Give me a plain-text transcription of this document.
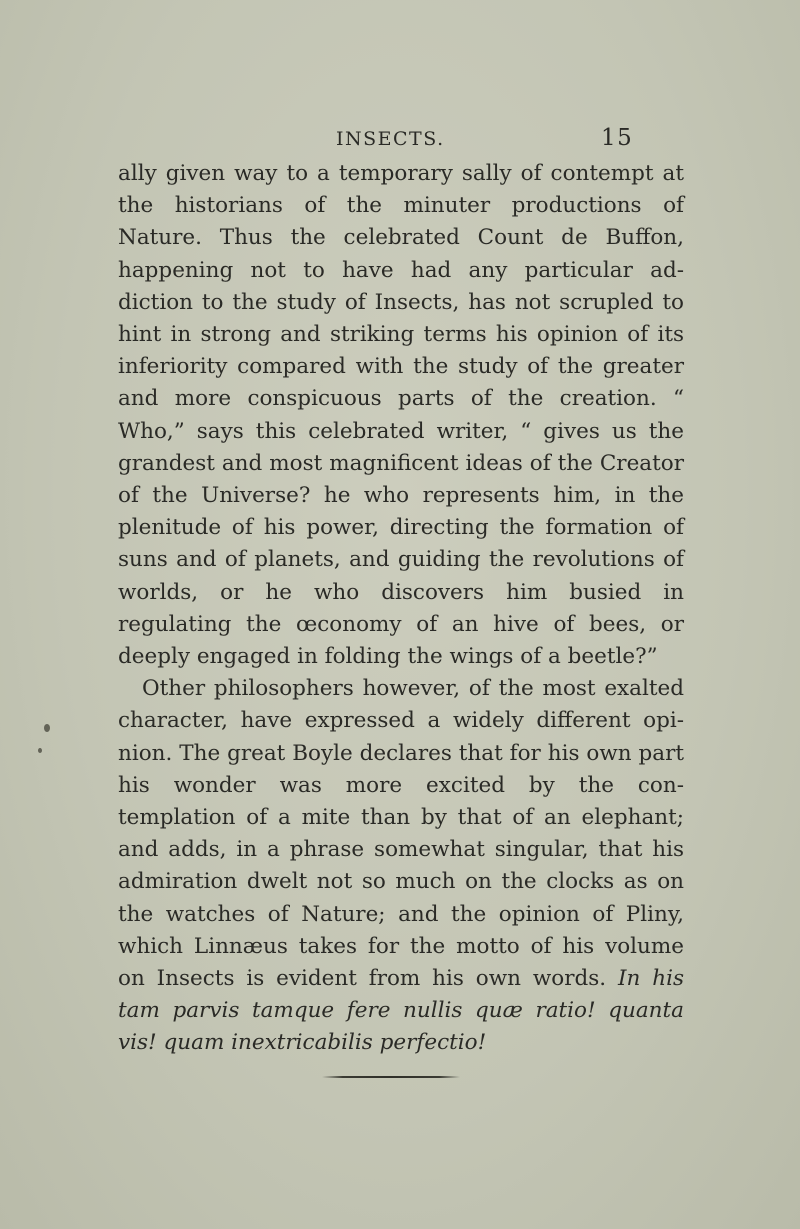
INSECTS.	15

ally given way to a temporary sally of contempt at the historians of the minuter productions of Nature. Thus the celebrated Count de Buffon, happening not to have had any particular ad- diction to the study of Insects, has not scrupled to hint in strong and striking terms his opinion of its inferiority compared with the study of the greater and more conspicuous parts of the creation. “ Who,” says this celebrated writer, “ gives us the grandest and most magnificent ideas of the Creator of the Universe? he who represents him, in the plenitude of his power, directing the formation of suns and of planets, and guiding the revolutions of worlds, or he who discovers him busied in regulating the œconomy of an hive of bees, or deeply engaged in folding the wings of a beetle?”

Other philosophers however, of the most exalted character, have expressed a widely different opi- nion. The great Boyle declares that for his own part his wonder was more excited by the con- templation of a mite than by that of an elephant; and adds, in a phrase somewhat singular, that his admiration dwelt not so much on the clocks as on the watches of Nature; and the opinion of Pliny, which Linnæus takes for the motto of his volume on Insects is evident from his own words. In his tam parvis tamque fere nullis quæ ratio! quanta vis! quam inextricabilis perfectio!
